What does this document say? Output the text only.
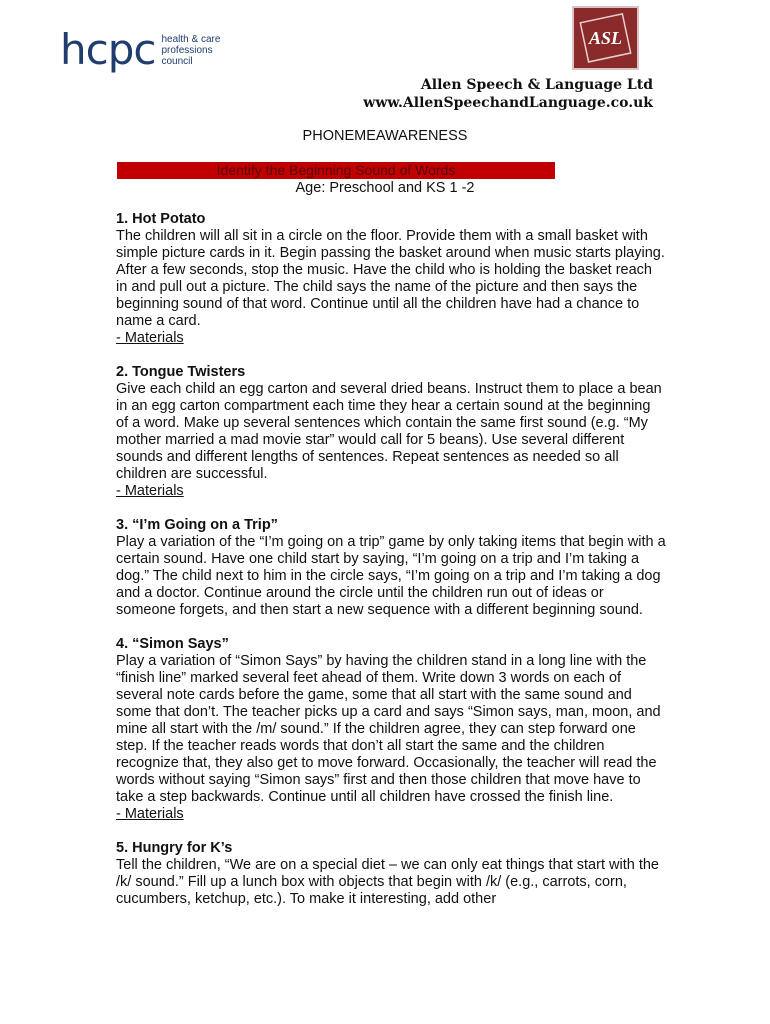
hcpc health & care
professions
council
ASL
Allen Speech & Language Ltd
www.AllenSpeechandLanguage.co.uk
PHONEMEAWARENESS
Identify the Beginning Sound of Words
Age: Preschool and KS 1 -2
1. Hot Potato

The children will all sit in a circle on the floor. Provide them with a small basket with simple picture cards in it. Begin passing the basket around when music starts playing. After a few seconds, stop the music. Have the child who is holding the basket reach in and pull out a picture. The child says the name of the picture and then says the beginning sound of that word. Continue until all the children have had a chance to name a card.

- Materials
2. Tongue Twisters

Give each child an egg carton and several dried beans. Instruct them to place a bean in an egg carton compartment each time they hear a certain sound at the beginning of a word. Make up several sentences which contain the same first sound (e.g. “My mother married a mad movie star” would call for 5 beans). Use several different sounds and different lengths of sentences. Repeat sentences as needed so all children are successful.

- Materials
3. “I’m Going on a Trip”

Play a variation of the “I’m going on a trip” game by only taking items that begin with a certain sound. Have one child start by saying, “I’m going on a trip and I’m taking a dog.” The child next to him in the circle says, “I’m going on a trip and I’m taking a dog and a doctor. Continue around the circle until the children run out of ideas or someone forgets, and then start a new sequence with a different beginning sound.

4. “Simon Says”

Play a variation of “Simon Says” by having the children stand in a long line with the “finish line” marked several feet ahead of them. Write down 3 words on each of several note cards before the game, some that all start with the same sound and some that don’t. The teacher picks up a card and says “Simon says, man, moon, and mine all start with the /m/ sound.” If the children agree, they can step forward one step. If the teacher reads words that don’t all start the same and the children recognize that, they also get to move forward. Occasionally, the teacher will read the words without saying “Simon says” first and then those children that move have to take a step backwards. Continue until all children have crossed the finish line.

- Materials
5. Hungry for K’s

Tell the children, “We are on a special diet – we can only eat things that start with the /k/ sound.” Fill up a lunch box with objects that begin with /k/ (e.g., carrots, corn, cucumbers, ketchup, etc.). To make it interesting, add other
